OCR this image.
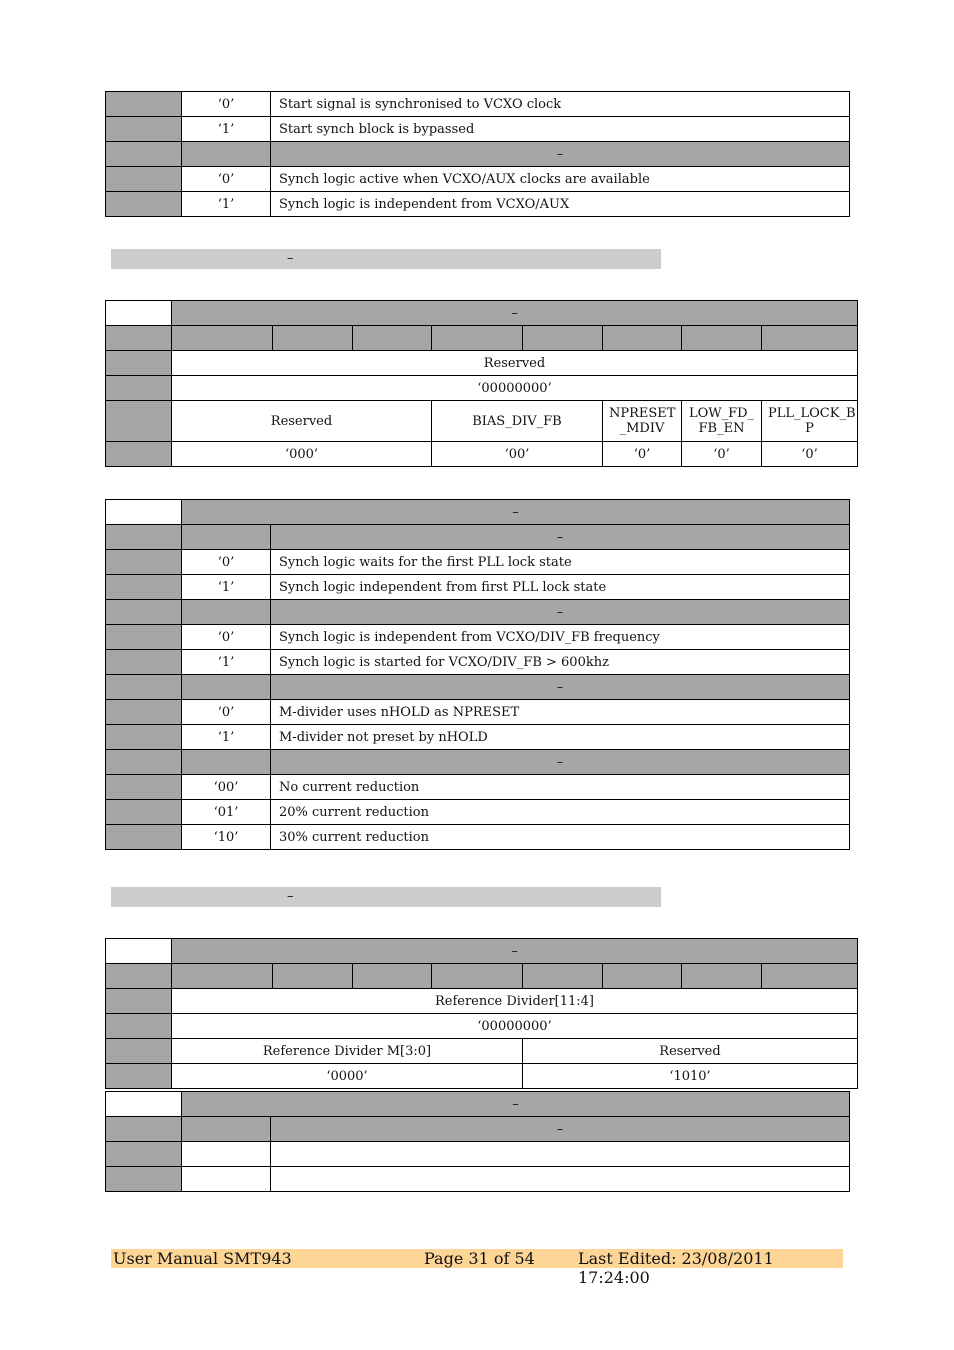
	‘0’	Start signal is synchronised to VCXO clock
	‘1’	Start synch block is bypassed
		–
	‘0’	Synch logic active when VCXO/AUX clocks are available
	‘1’	Synch logic is independent from VCXO/AUX
–
	–							

	Reserved							
	‘00000000’							
	Reserved			BIAS_DIV_FB		NPRESET _MDIV	LOW_FD_ FB_EN	PLL_LOCK_B P
	‘000’			‘00’		‘0’	‘0’	‘0’
	–	
		–
	‘0’	Synch logic waits for the first PLL lock state
	‘1’	Synch logic independent from first PLL lock state
		–
	‘0’	Synch logic is independent from VCXO/DIV_FB frequency
	‘1’	Synch logic is started for VCXO/DIV_FB > 600khz
		–
	‘0’	M-divider uses nHOLD as NPRESET
	‘1’	M-divider not preset by nHOLD
		–
	‘00’	No current reduction
	‘01’	20% current reduction
	‘10’	30% current reduction
–
	–							

	Reference Divider[11:4]							
	‘00000000’							
	Reference Divider M[3:0]				Reserved			
	‘0000’				‘1010’			
	–	
		–

User Manual SMT943	Page 31 of 54	Last Edited: 23/08/2011 17:24:00
